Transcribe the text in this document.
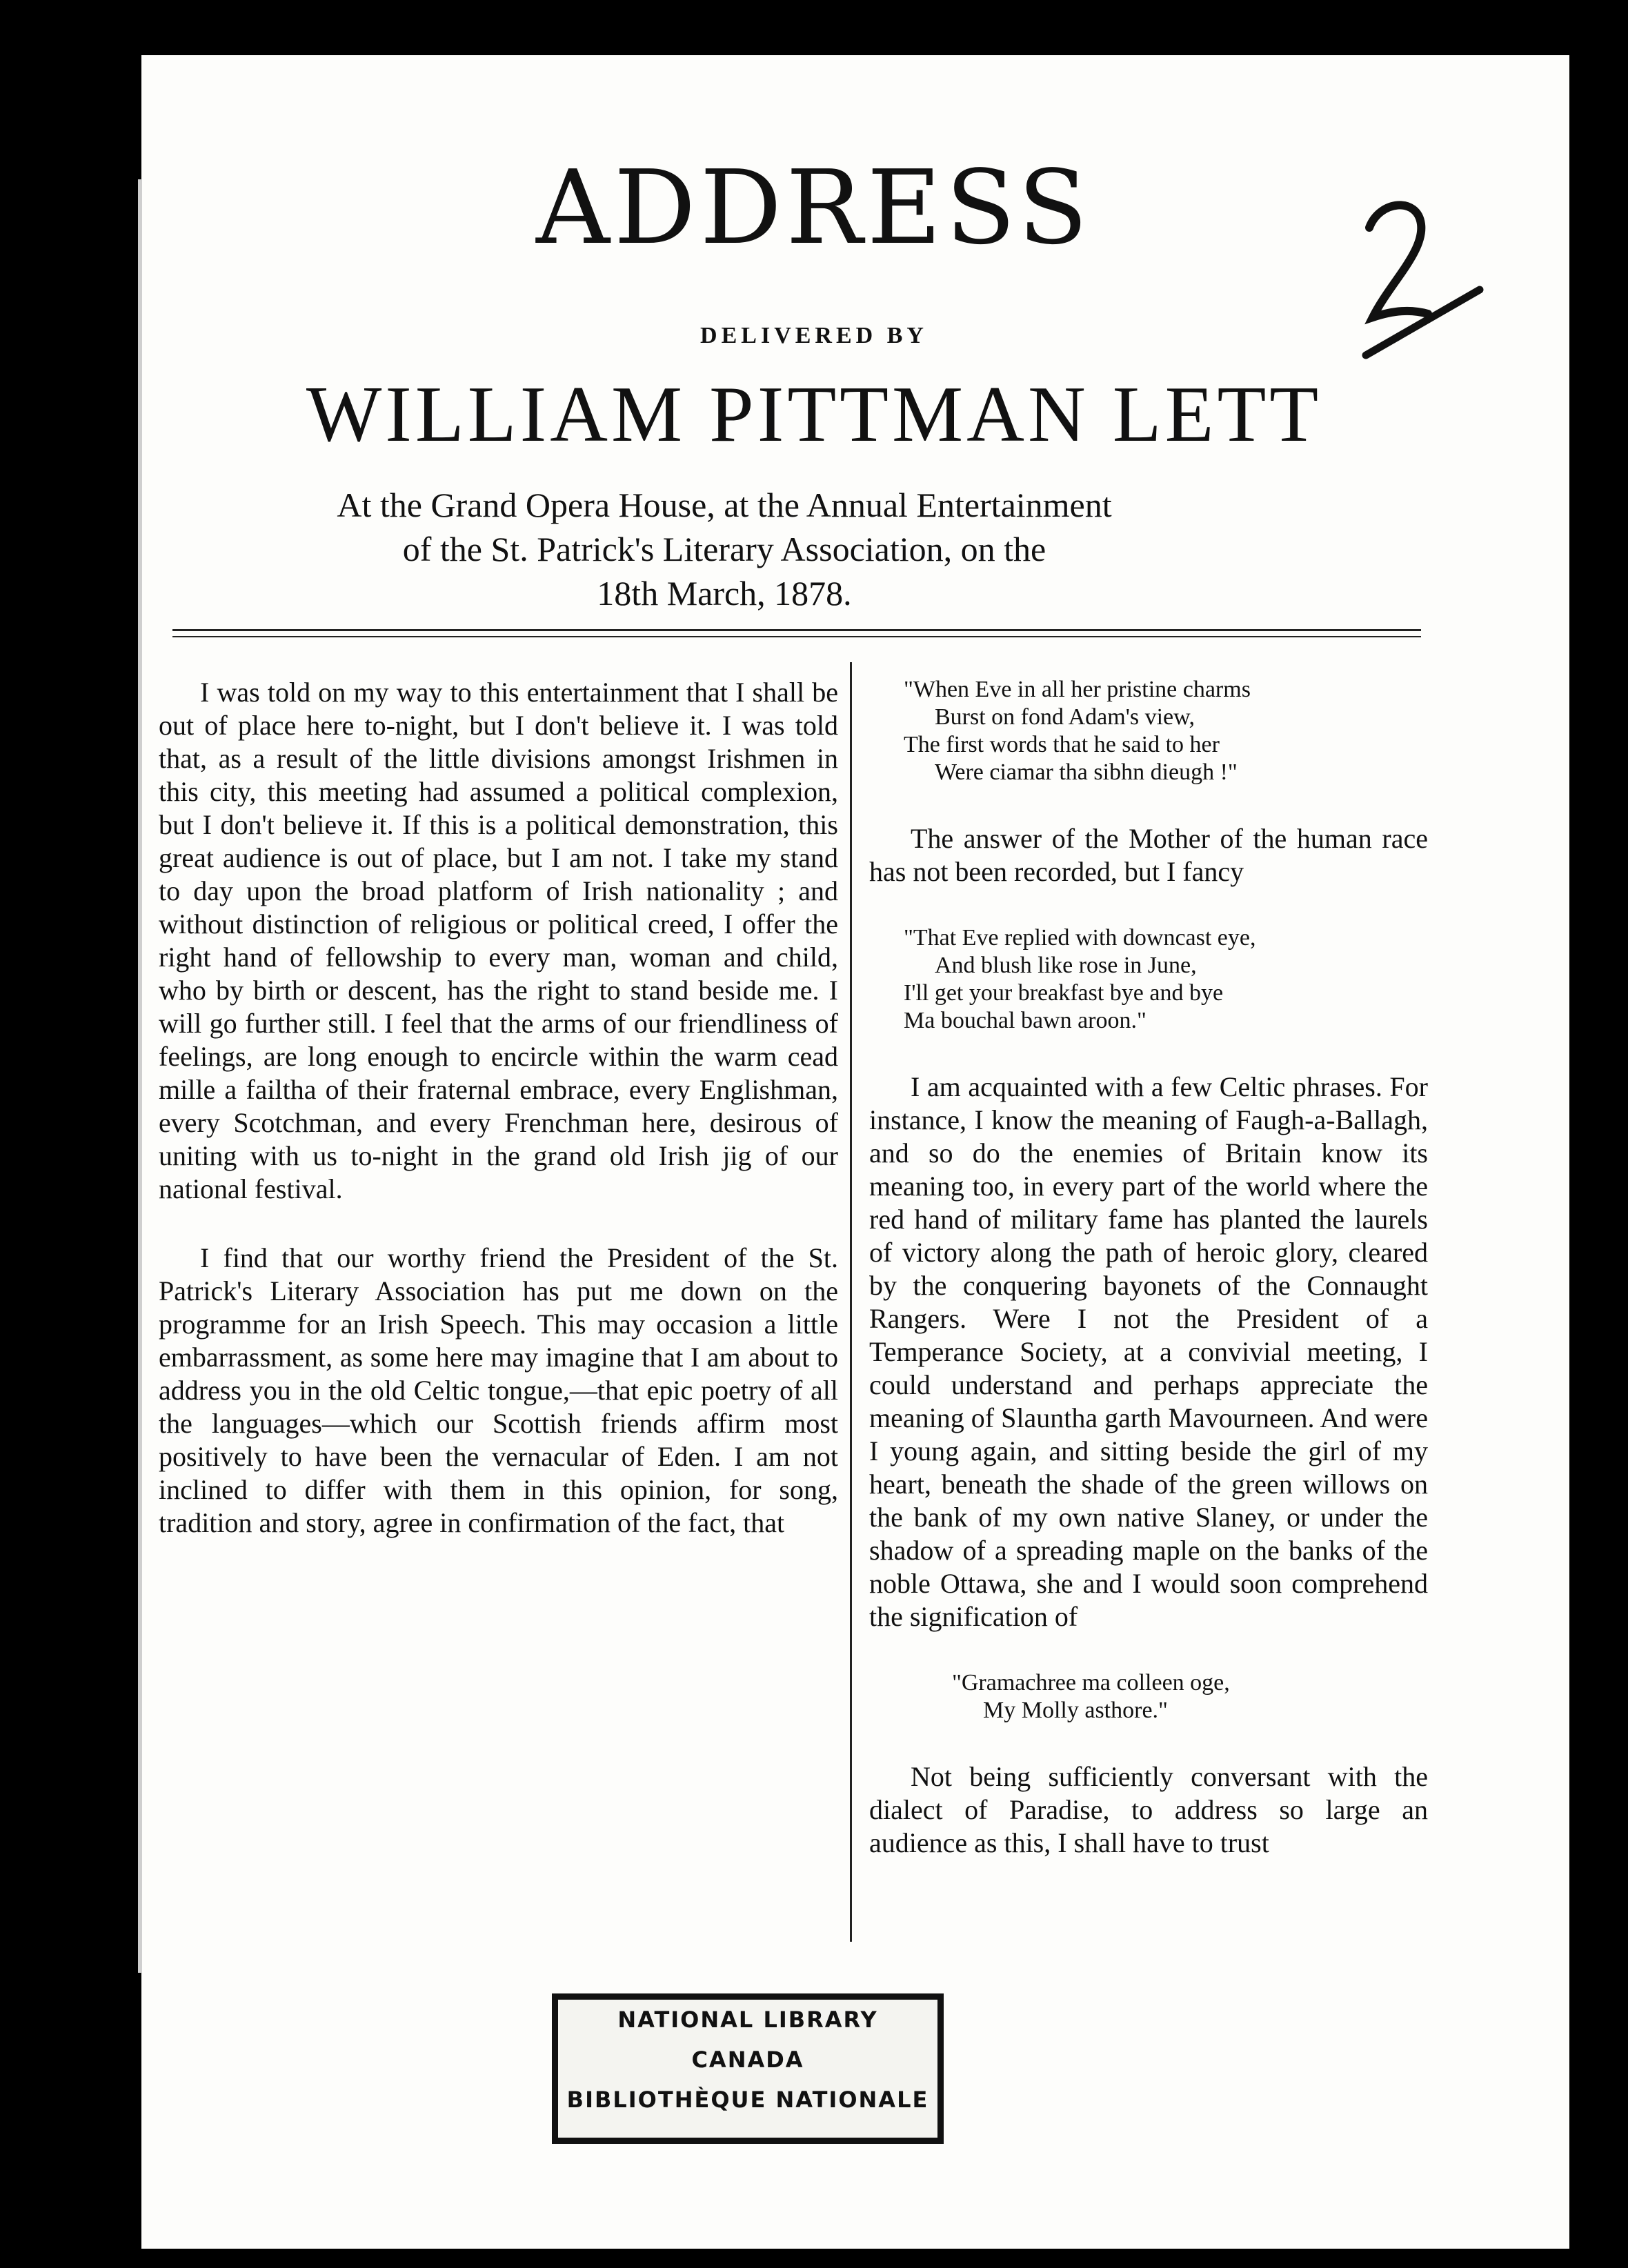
ADDRESS
DELIVERED BY
WILLIAM PITTMAN LETT
At the Grand Opera House, at the Annual Entertainment
of the St. Patrick's Literary Association, on the
18th March, 1878.

I was told on my way to this entertainment that I shall be out of place here to-night, but I don't believe it. I was told that, as a result of the little divisions amongst Irishmen in this city, this meeting had assumed a political complexion, but I don't believe it. If this is a political demonstration, this great audience is out of place, but I am not. I take my stand to day upon the broad platform of Irish nationality ; and without distinction of religious or political creed, I offer the right hand of fellowship to every man, woman and child, who by birth or descent, has the right to stand beside me. I will go further still. I feel that the arms of our friendliness of feelings, are long enough to encircle within the warm cead mille a failtha of their fraternal embrace, every Englishman, every Scotchman, and every Frenchman here, desirous of uniting with us to-night in the grand old Irish jig of our national festival.

I find that our worthy friend the President of the St. Patrick's Literary Association has put me down on the programme for an Irish Speech. This may occasion a little embarrassment, as some here may imagine that I am about to address you in the old Celtic tongue,—that epic poetry of all the languages—which our Scottish friends affirm most positively to have been the vernacular of Eden. I am not inclined to differ with them in this opinion, for song, tradition and story, agree in confirmation of the fact, that

"When Eve in all her pristine charms
Burst on fond Adam's view,
The first words that he said to her
Were ciamar tha sibhn dieugh !"

The answer of the Mother of the human race has not been recorded, but I fancy

"That Eve replied with downcast eye,
And blush like rose in June,
I'll get your breakfast bye and bye
Ma bouchal bawn aroon."

I am acquainted with a few Celtic phrases. For instance, I know the meaning of Faugh-a-Ballagh, and so do the enemies of Britain know its meaning too, in every part of the world where the red hand of military fame has planted the laurels of victory along the path of heroic glory, cleared by the conquering bayonets of the Connaught Rangers. Were I not the President of a Temperance Society, at a convivial meeting, I could understand and perhaps appreciate the meaning of Slauntha garth Mavourneen. And were I young again, and sitting beside the girl of my heart, beneath the shade of the green willows on the bank of my own native Slaney, or under the shadow of a spreading maple on the banks of the noble Ottawa, she and I would soon comprehend the signification of

"Gramachree ma colleen oge,
My Molly asthore."

Not being sufficiently conversant with the dialect of Paradise, to address so large an audience as this, I shall have to trust

NATIONAL LIBRARY
CANADA
BIBLIOTHÈQUE NATIONALE
